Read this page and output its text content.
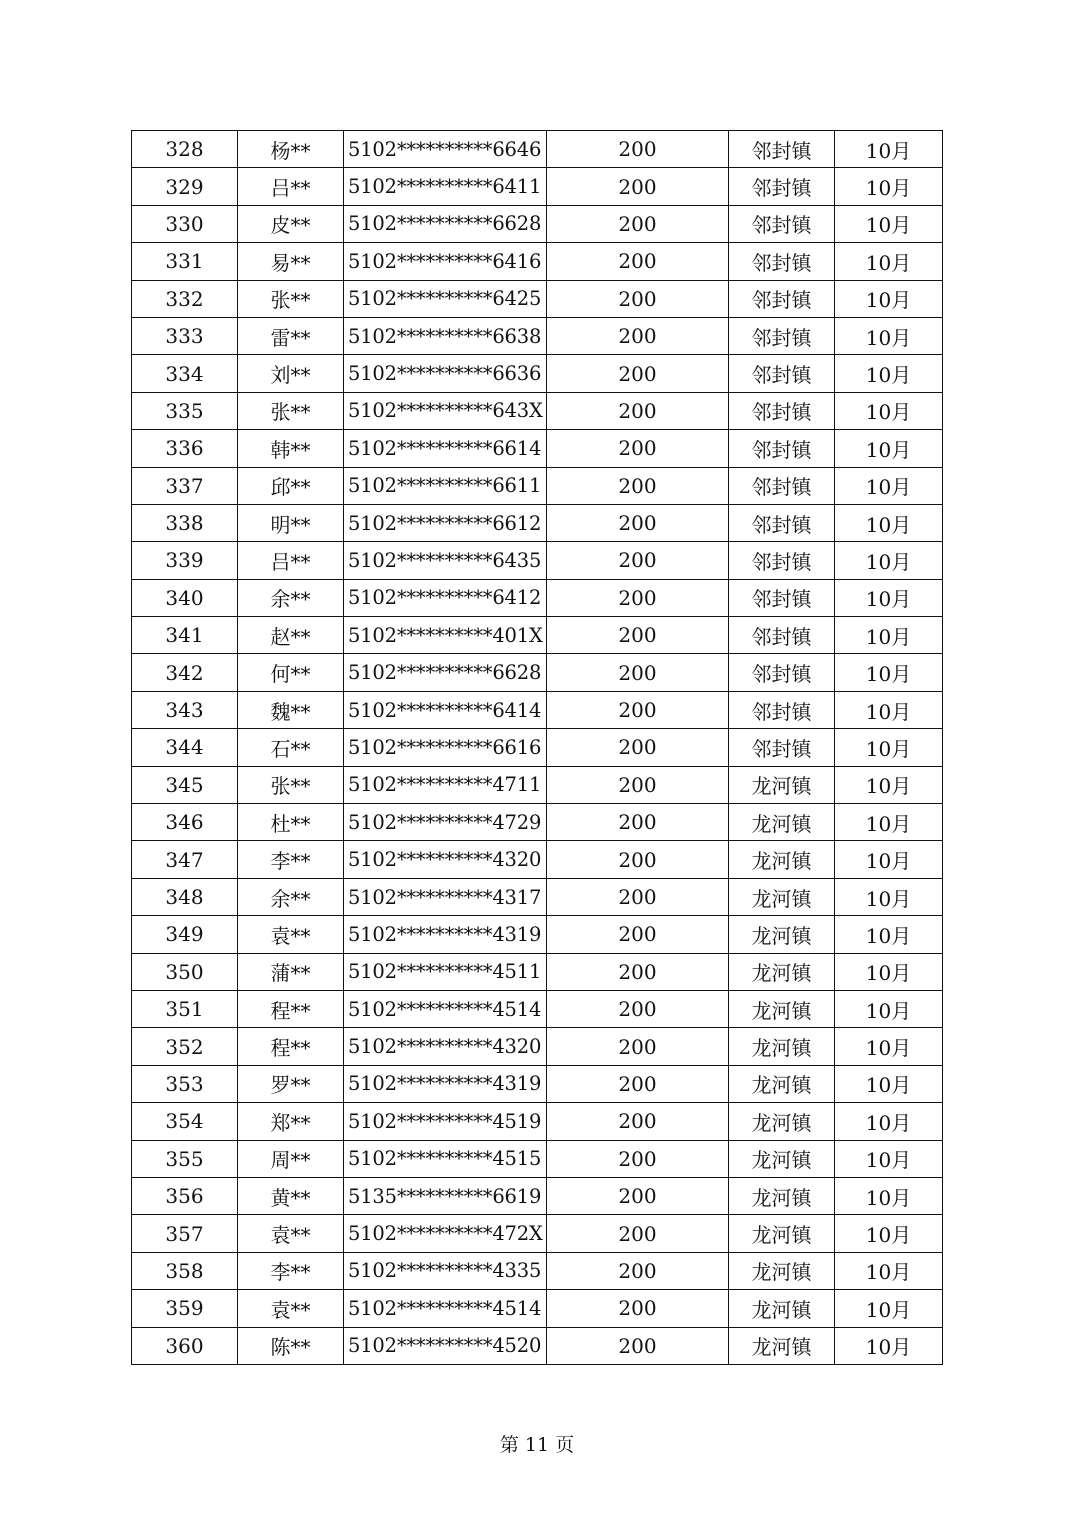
328	杨**	5102**********6646	200	邻封镇	10月
329	吕**	5102**********6411	200	邻封镇	10月
330	皮**	5102**********6628	200	邻封镇	10月
331	易**	5102**********6416	200	邻封镇	10月
332	张**	5102**********6425	200	邻封镇	10月
333	雷**	5102**********6638	200	邻封镇	10月
334	刘**	5102**********6636	200	邻封镇	10月
335	张**	5102**********643X	200	邻封镇	10月
336	韩**	5102**********6614	200	邻封镇	10月
337	邱**	5102**********6611	200	邻封镇	10月
338	明**	5102**********6612	200	邻封镇	10月
339	吕**	5102**********6435	200	邻封镇	10月
340	余**	5102**********6412	200	邻封镇	10月
341	赵**	5102**********401X	200	邻封镇	10月
342	何**	5102**********6628	200	邻封镇	10月
343	魏**	5102**********6414	200	邻封镇	10月
344	石**	5102**********6616	200	邻封镇	10月
345	张**	5102**********4711	200	龙河镇	10月
346	杜**	5102**********4729	200	龙河镇	10月
347	李**	5102**********4320	200	龙河镇	10月
348	余**	5102**********4317	200	龙河镇	10月
349	袁**	5102**********4319	200	龙河镇	10月
350	蒲**	5102**********4511	200	龙河镇	10月
351	程**	5102**********4514	200	龙河镇	10月
352	程**	5102**********4320	200	龙河镇	10月
353	罗**	5102**********4319	200	龙河镇	10月
354	郑**	5102**********4519	200	龙河镇	10月
355	周**	5102**********4515	200	龙河镇	10月
356	黄**	5135**********6619	200	龙河镇	10月
357	袁**	5102**********472X	200	龙河镇	10月
358	李**	5102**********4335	200	龙河镇	10月
359	袁**	5102**********4514	200	龙河镇	10月
360	陈**	5102**********4520	200	龙河镇	10月
第 11 页
